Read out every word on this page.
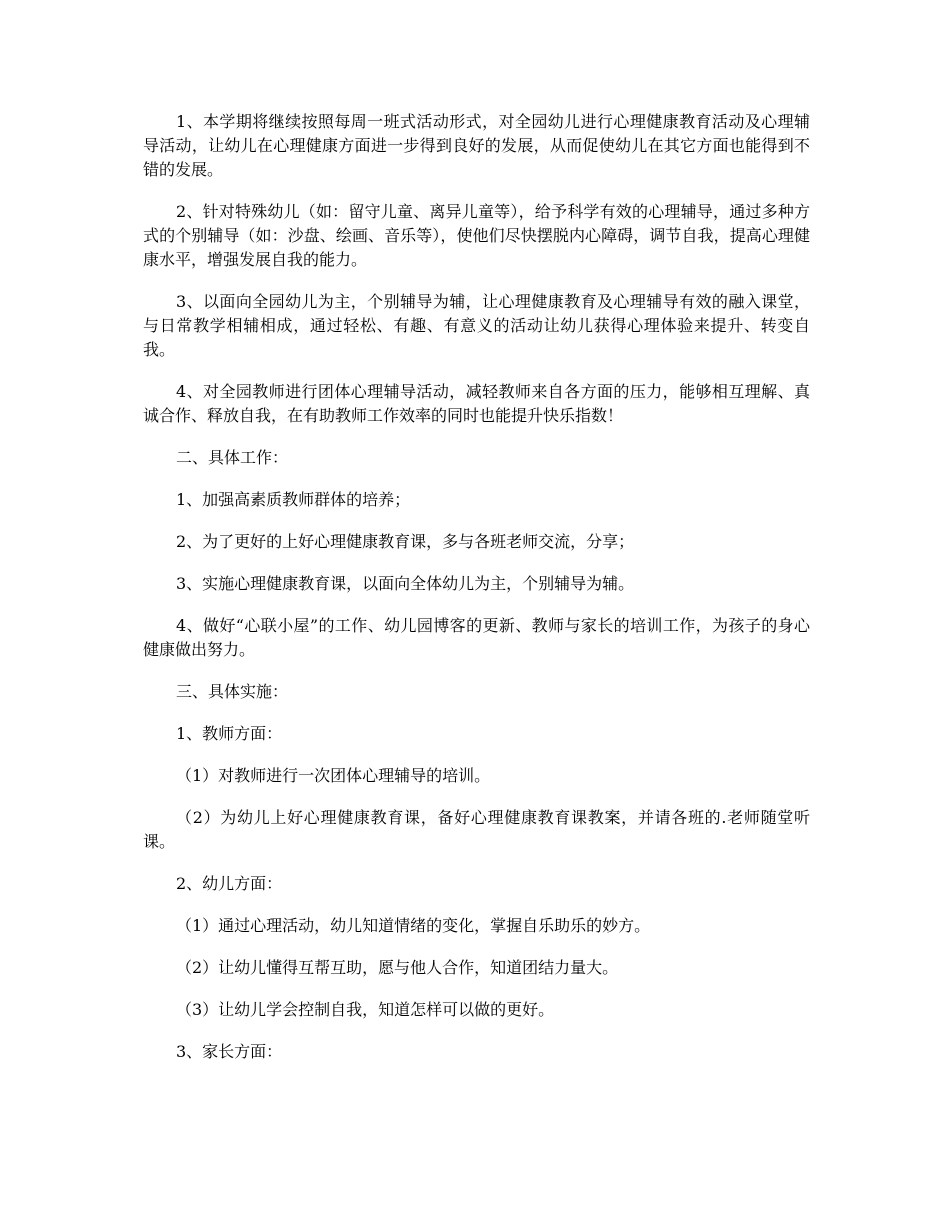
1、本学期将继续按照每周一班式活动形式，对全园幼儿进行心理健康教育活动及心理辅导活动，让幼儿在心理健康方面进一步得到良好的发展，从而促使幼儿在其它方面也能得到不错的发展。

2、针对特殊幼儿（如：留守儿童、离异儿童等），给予科学有效的心理辅导，通过多种方式的个别辅导（如：沙盘、绘画、音乐等），使他们尽快摆脱内心障碍，调节自我，提高心理健康水平，增强发展自我的能力。

3、以面向全园幼儿为主，个别辅导为辅，让心理健康教育及心理辅导有效的融入课堂，与日常教学相辅相成，通过轻松、有趣、有意义的活动让幼儿获得心理体验来提升、转变自我。

4、对全园教师进行团体心理辅导活动，减轻教师来自各方面的压力，能够相互理解、真诚合作、释放自我，在有助教师工作效率的同时也能提升快乐指数！

二、具体工作：

1、加强高素质教师群体的培养；

2、为了更好的上好心理健康教育课，多与各班老师交流，分享；

3、实施心理健康教育课，以面向全体幼儿为主，个别辅导为辅。

4、做好“心联小屋”的工作、幼儿园博客的更新、教师与家长的培训工作，为孩子的身心健康做出努力。

三、具体实施：

1、教师方面：

（1）对教师进行一次团体心理辅导的培训。

（2）为幼儿上好心理健康教育课，备好心理健康教育课教案，并请各班的.老师随堂听课。

2、幼儿方面：

（1）通过心理活动，幼儿知道情绪的变化，掌握自乐助乐的妙方。

（2）让幼儿懂得互帮互助，愿与他人合作，知道团结力量大。

（3）让幼儿学会控制自我，知道怎样可以做的更好。

3、家长方面：
